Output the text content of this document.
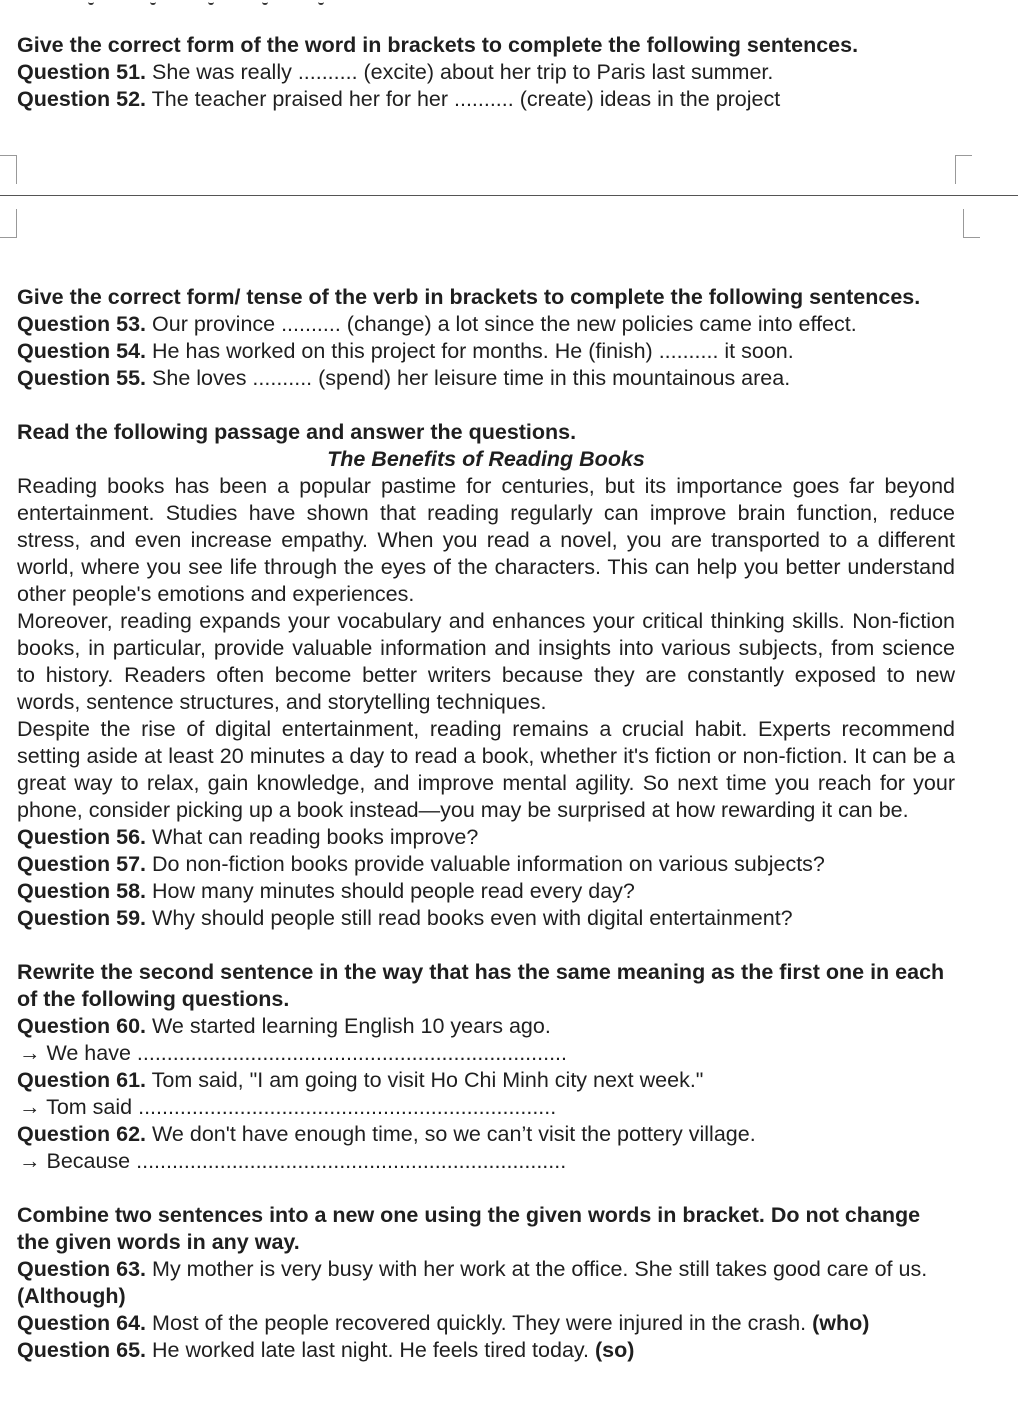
Give the correct form of the word in brackets to complete the following sentences.
Question 51. She was really .......... (excite) about her trip to Paris last summer.
Question 52. The teacher praised her for her .......... (create) ideas in the project
Give the correct form/ tense of the verb in brackets to complete the following sentences.
Question 53. Our province .......... (change) a lot since the new policies came into effect.
Question 54. He has worked on this project for months. He (finish) .......... it soon.
Question 55. She loves .......... (spend) her leisure time in this mountainous area.
Read the following passage and answer the questions.
The Benefits of Reading Books
Reading books has been a popular pastime for centuries, but its importance goes far beyond entertainment. Studies have shown that reading regularly can improve brain function, reduce stress, and even increase empathy. When you read a novel, you are transported to a different world, where you see life through the eyes of the characters. This can help you better understand other people's emotions and experiences.
Moreover, reading expands your vocabulary and enhances your critical thinking skills. Non-fiction books, in particular, provide valuable information and insights into various subjects, from science to history. Readers often become better writers because they are constantly exposed to new words, sentence structures, and storytelling techniques.
Despite the rise of digital entertainment, reading remains a crucial habit. Experts recommend setting aside at least 20 minutes a day to read a book, whether it's fiction or non-fiction. It can be a great way to relax, gain knowledge, and improve mental agility. So next time you reach for your phone, consider picking up a book instead—you may be surprised at how rewarding it can be.
Question 56. What can reading books improve?
Question 57. Do non-fiction books provide valuable information on various subjects?
Question 58. How many minutes should people read every day?
Question 59. Why should people still read books even with digital entertainment?
Rewrite the second sentence in the way that has the same meaning as the first one in each of the following questions.
Question 60. We started learning English 10 years ago.
→ We have ........................................................................
Question 61. Tom said, "I am going to visit Ho Chi Minh city next week."
→ Tom said ......................................................................
Question 62. We don't have enough time, so we can’t visit the pottery village.
→ Because ........................................................................
Combine two sentences into a new one using the given words in bracket. Do not change the given words in any way.
Question 63. My mother is very busy with her work at the office. She still takes good care of us. (Although)
Question 64. Most of the people recovered quickly. They were injured in the crash. (who)
Question 65. He worked late last night. He feels tired today. (so)
